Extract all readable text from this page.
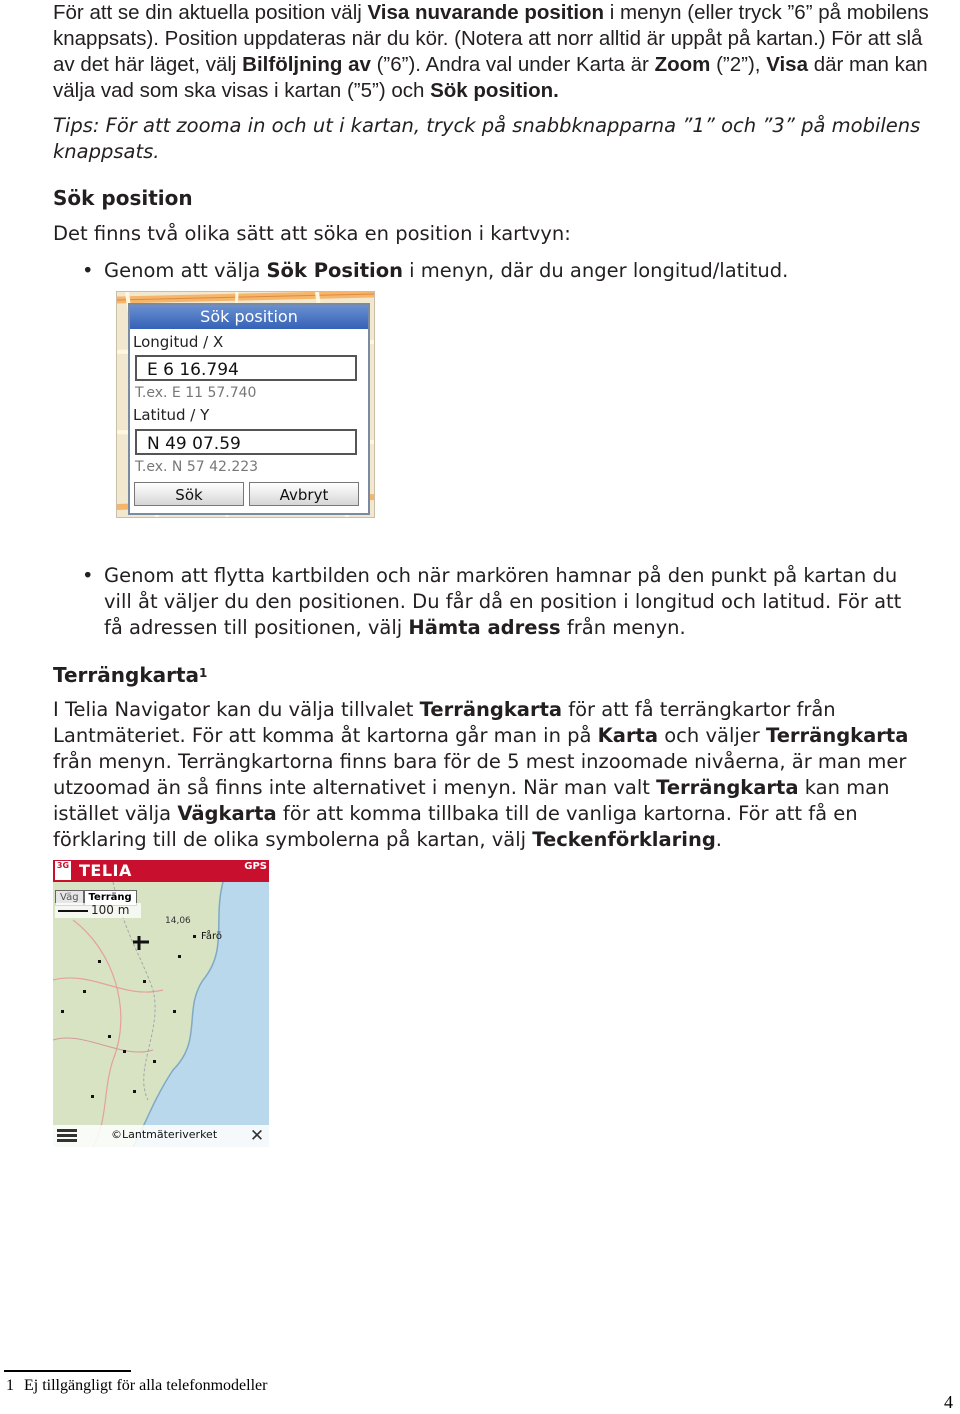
För att se din aktuella position välj Visa nuvarande position i menyn (eller tryck ”6” på mobilens knappsats). Position uppdateras när du kör. (Notera att norr alltid är uppåt på kartan.) För att slå av det här läget, välj Bilföljning av (”6”). Andra val under Karta är Zoom (”2”), Visa där man kan välja vad som ska visas i kartan (”5”) och Sök position.

Tips: För att zooma in och ut i kartan, tryck på snabbknapparna ”1” och ”3” på mobilens knappsats.

Sök position

Det finns två olika sätt att söka en position i kartvyn:

• Genom att välja Sök Position i menyn, där du anger longitud/latitud.
Sök position
Longitud / X
E 6 16.794
T.ex. E 11 57.740
Latitud / Y
N 49 07.59
T.ex. N 57 42.223
Sök	Avbryt
• Genom att flytta kartbilden och när markören hamnar på den punkt på kartan du vill åt väljer du den positionen. Du får då en position i longitud och latitud. För att få adressen till positionen, välj Hämta adress från menyn.
Terrängkarta$^1$

I Telia Navigator kan du välja tillvalet Terrängkarta för att få terrängkartor från Lantmäteriet. För att komma åt kartorna går man in på Karta och väljer Terrängkarta från menyn. Terrängkartorna finns bara för de 5 mest inzoomade nivåerna, är man mer utzoomad än så finns inte alternativet i menyn. När man valt Terrängkarta kan man istället välja Vägkarta för att komma tillbaka till de vanliga kartorna. För att få en förklaring till de olika symbolerna på kartan, välj Teckenförklaring.

3G TELIA	GPS
Väg Terräng
100 m
14,06
Fårö
©Lantmäteriverket ✕
1 Ej tillgängligt för alla telefonmodeller
4
